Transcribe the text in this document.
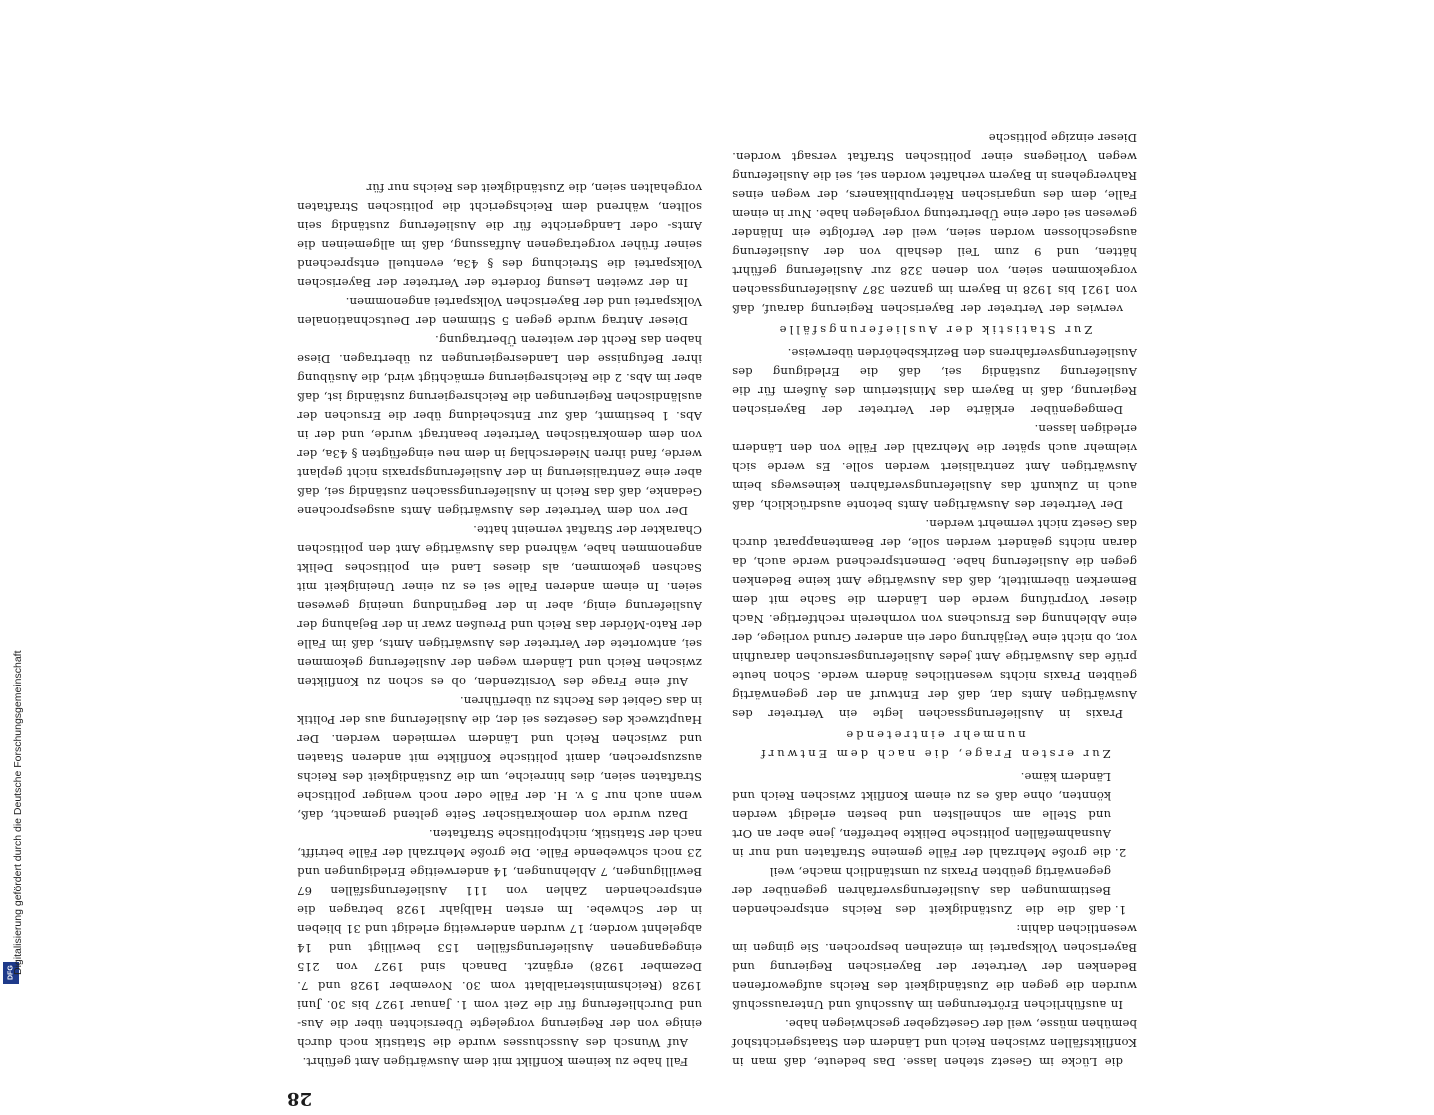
28

Fall habe zu keinem Konflikt mit dem Auswärtigen Amt geführt.

Auf Wunsch des Ausschusses wurde die Statistik noch durch einige von der Regierung vorgelegte Übersichten über die Aus- und Durchlieferung für die Zeit vom 1. Januar 1927 bis 30. Juni 1928 (Reichsministerialblatt vom 30. November 1928 und 7. Dezember 1928) ergänzt. Danach sind 1927 von 215 eingegangenen Auslieferungsfällen 153 bewilligt und 14 abgelehnt worden; 17 wurden anderweitig erledigt und 31 blieben in der Schwebe. Im ersten Halbjahr 1928 betragen die entsprechenden Zahlen von 111 Auslieferungsfällen 67 Bewilligungen, 7 Ablehnungen, 14 anderweitige Erledigungen und 23 noch schwebende Fälle. Die große Mehrzahl der Fälle betrifft, nach der Statistik, nichtpolitische Straftaten.

Dazu wurde von demokratischer Seite geltend gemacht, daß, wenn auch nur 5 v. H. der Fälle oder noch weniger politische Straftaten seien, dies hinreiche, um die Zuständigkeit des Reichs auszusprechen, damit politische Konflikte mit anderen Staaten und zwischen Reich und Ländern vermieden werden. Der Hauptzweck des Gesetzes sei der, die Auslieferung aus der Politik in das Gebiet des Rechts zu überführen.

Auf eine Frage des Vorsitzenden, ob es schon zu Konflikten zwischen Reich und Ländern wegen der Auslieferung gekommen sei, antwortete der Vertreter des Auswärtigen Amts, daß im Falle der Rato-Mörder das Reich und Preußen zwar in der Bejahung der Auslieferung einig, aber in der Begründung uneinig gewesen seien. In einem anderen Falle sei es zu einer Uneinigkeit mit Sachsen gekommen, als dieses Land ein politisches Delikt angenommen habe, während das Auswärtige Amt den politischen Charakter der Straftat verneint hatte.

Der von dem Vertreter des Auswärtigen Amts ausgesprochene Gedanke, daß das Reich in Auslieferungssachen zuständig sei, daß aber eine Zentralisierung in der Auslieferungspraxis nicht geplant werde, fand ihren Niederschlag in dem neu eingefügten § 43a, der von dem demokratischen Vertreter beantragt wurde, und der in Abs. 1 bestimmt, daß zur Entscheidung über die Ersuchen der ausländischen Regierungen die Reichsregierung zuständig ist, daß aber im Abs. 2 die Reichsregierung ermächtigt wird, die Ausübung ihrer Befugnisse den Landesregierungen zu übertragen. Diese haben das Recht der weiteren Übertragung.

Dieser Antrag wurde gegen 5 Stimmen der Deutschnationalen Volkspartei und der Bayerischen Volkspartei angenommen.

In der zweiten Lesung forderte der Vertreter der Bayerischen Volkspartei die Streichung des § 43a, eventuell entsprechend seiner früher vorgetragenen Auffassung, daß im allgemeinen die Amts- oder Landgerichte für die Auslieferung zuständig sein sollten, während dem Reichsgericht die politischen Straftaten vorgehalten seien, die Zuständigkeit des Reichs nur für

die Lücke im Gesetz stehen lasse. Das bedeute, daß man in Konfliktsfällen zwischen Reich und Ländern den Staatsgerichtshof bemühen müsse, weil der Gesetzgeber geschwiegen habe.

In ausführlichen Erörterungen im Ausschuß und Unterausschuß wurden die gegen die Zuständigkeit des Reichs aufgeworfenen Bedenken der Vertreter der Bayerischen Regierung und Bayerischen Volkspartei im einzelnen besprochen. Sie gingen im wesentlichen dahin:

1. daß die die Zuständigkeit des Reichs entsprechenden Bestimmungen das Auslieferungsverfahren gegenüber der gegenwärtig geübten Praxis zu umständlich mache, weil
2. die große Mehrzahl der Fälle gemeine Straftaten und nur in Ausnahmefällen politische Delikte betreffen, jene aber an Ort und Stelle am schnellsten und besten erledigt werden könnten, ohne daß es zu einem Konflikt zwischen Reich und Ländern käme.

Zur ersten Frage, die nach dem Entwurf nunmehr eintretende

Praxis in Auslieferungssachen legte ein Vertreter des Auswärtigen Amts dar, daß der Entwurf an der gegenwärtig geübten Praxis nichts wesentliches ändern werde. Schon heute prüfe das Auswärtige Amt jedes Auslieferungsersuchen daraufhin vor, ob nicht eine Verjährung oder ein anderer Grund vorliege, der eine Ablehnung des Ersuchens von vornherein rechtfertige. Nach dieser Vorprüfung werde den Ländern die Sache mit dem Bemerken übermittelt, daß das Auswärtige Amt keine Bedenken gegen die Auslieferung habe. Dementsprechend werde auch, da daran nichts geändert werden solle, der Beamtenapparat durch das Gesetz nicht vermehrt werden.

Der Vertreter des Auswärtigen Amts betonte ausdrücklich, daß auch in Zukunft das Auslieferungsverfahren keineswegs beim Auswärtigen Amt zentralisiert werden solle. Es werde sich vielmehr auch später die Mehrzahl der Fälle von den Ländern erledigen lassen.

Demgegenüber erklärte der Vertreter der Bayerischen Regierung, daß in Bayern das Ministerium des Äußern für die Auslieferung zuständig sei, daß die Erledigung des Auslieferungsverfahrens den Bezirksbehörden überweise.

Zur Statistik der Auslieferungsfälle

verwies der Vertreter der Bayerischen Regierung darauf, daß von 1921 bis 1928 in Bayern im ganzen 387 Auslieferungssachen vorgekommen seien, von denen 328 zur Auslieferung geführt hätten, und 9 zum Teil deshalb von der Auslieferung ausgeschlossen worden seien, weil der Verfolgte ein Inländer gewesen sei oder eine Übertretung vorgelegen habe. Nur in einem Falle, dem des ungarischen Räterpublikaners, der wegen eines Rahvergehens in Bayern verhaftet worden sei, sei die Auslieferung wegen Vorliegens einer politischen Straftat versagt worden. Dieser einzige politische

DFG
Digitalisierung gefördert durch die Deutsche Forschungsgemeinschaft
